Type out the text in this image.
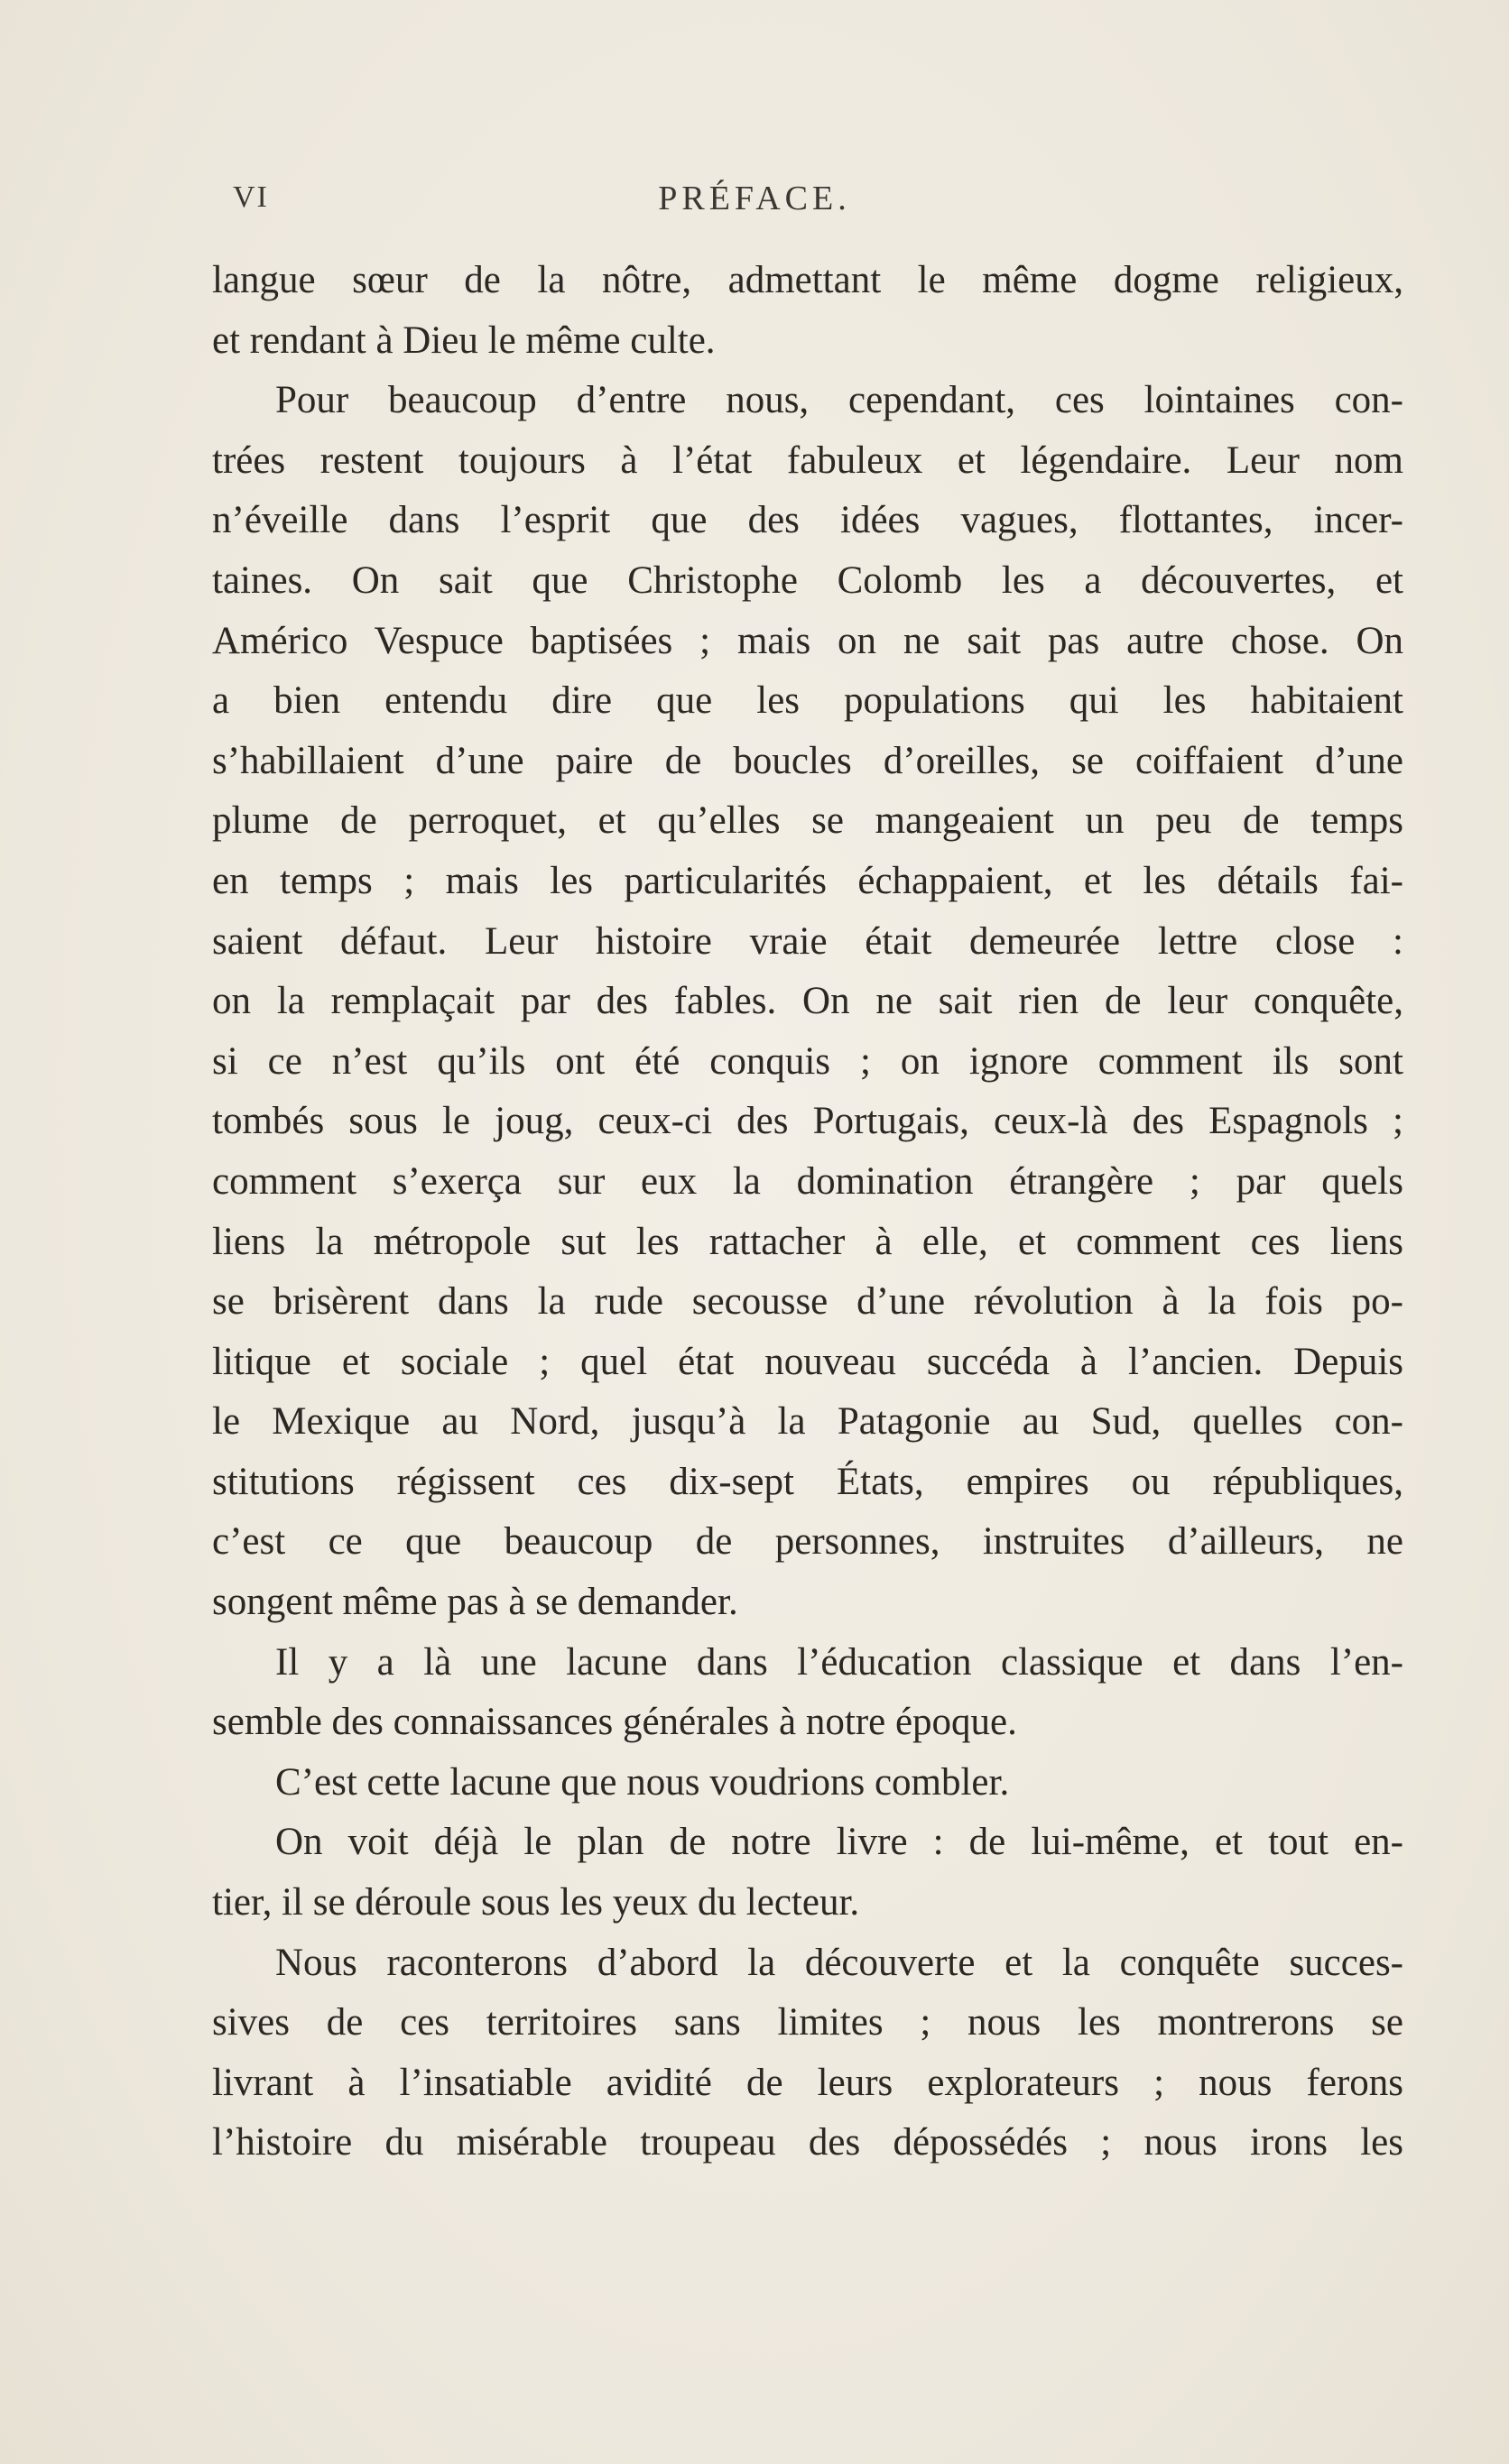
VI	PRÉFACE.
langue sœur de la nôtre, admettant le même dogme religieux,
et rendant à Dieu le même culte.
Pour beaucoup d’entre nous, cependant, ces lointaines con-
trées restent toujours à l’état fabuleux et légendaire. Leur nom
n’éveille dans l’esprit que des idées vagues, flottantes, incer-
taines. On sait que Christophe Colomb les a découvertes, et
Américo Vespuce baptisées ; mais on ne sait pas autre chose. On
a bien entendu dire que les populations qui les habitaient
s’habillaient d’une paire de boucles d’oreilles, se coiffaient d’une
plume de perroquet, et qu’elles se mangeaient un peu de temps
en temps ; mais les particularités échappaient, et les détails fai-
saient défaut. Leur histoire vraie était demeurée lettre close :
on la remplaçait par des fables. On ne sait rien de leur conquête,
si ce n’est qu’ils ont été conquis ; on ignore comment ils sont
tombés sous le joug, ceux-ci des Portugais, ceux-là des Espagnols ;
comment s’exerça sur eux la domination étrangère ; par quels
liens la métropole sut les rattacher à elle, et comment ces liens
se brisèrent dans la rude secousse d’une révolution à la fois po-
litique et sociale ; quel état nouveau succéda à l’ancien. Depuis
le Mexique au Nord, jusqu’à la Patagonie au Sud, quelles con-
stitutions régissent ces dix-sept États, empires ou républiques,
c’est ce que beaucoup de personnes, instruites d’ailleurs, ne
songent même pas à se demander.
Il y a là une lacune dans l’éducation classique et dans l’en-
semble des connaissances générales à notre époque.
C’est cette lacune que nous voudrions combler.
On voit déjà le plan de notre livre : de lui-même, et tout en-
tier, il se déroule sous les yeux du lecteur.
Nous raconterons d’abord la découverte et la conquête succes-
sives de ces territoires sans limites ; nous les montrerons se
livrant à l’insatiable avidité de leurs explorateurs ; nous ferons
l’histoire du misérable troupeau des dépossédés ; nous irons les
